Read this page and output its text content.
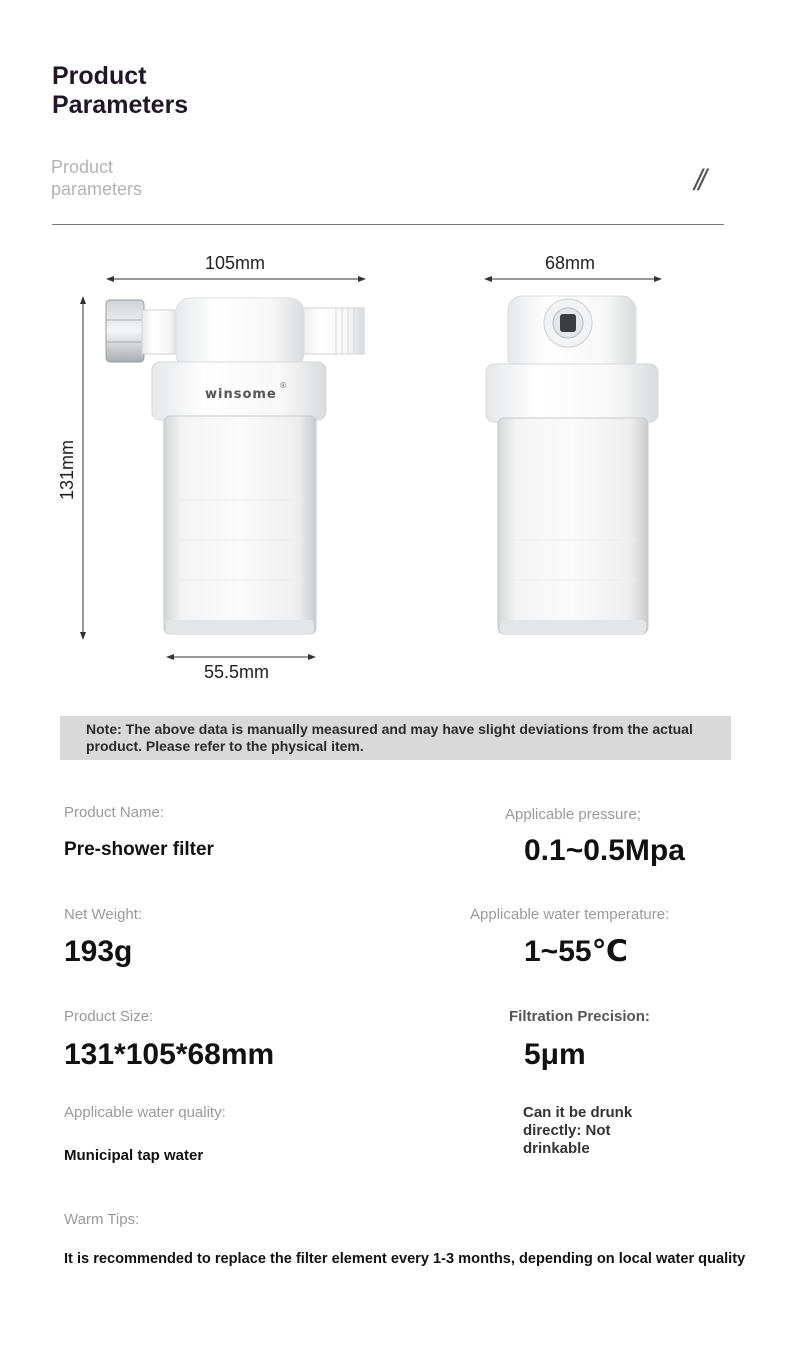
Product
Parameters
Product
parameters	//
105mm	68mm
131mm
55.5mm
winsome
®
Note: The above data is manually measured and may have slight deviations from the actual
product. Please refer to the physical item.
Product Name:
Pre-shower filter
Applicable pressure;
0.1~0.5Mpa
Net Weight:
193g
Applicable water temperature:
1~55℃
Product Size:
131*105*68mm
Filtration Precision:
5μm
Applicable water quality:
Municipal tap water
Can it be drunk
directly: Not
drinkable
Warm Tips:
It is recommended to replace the filter element every 1-3 months, depending on local water quality
